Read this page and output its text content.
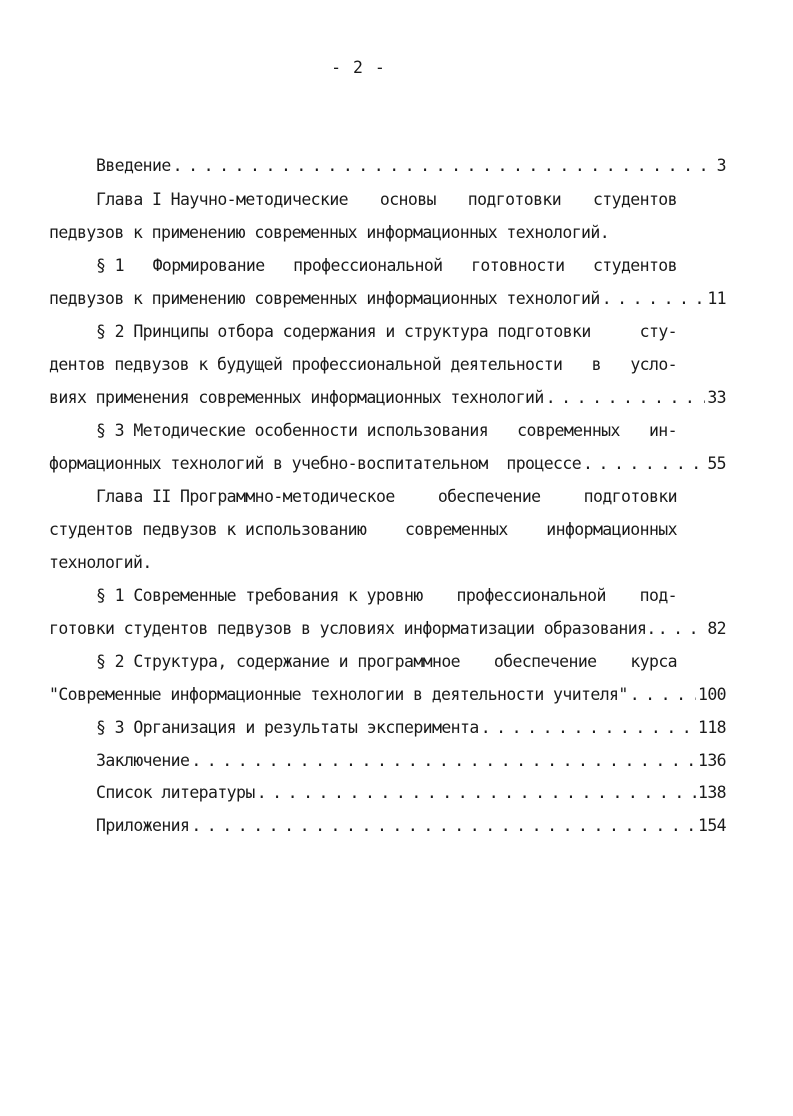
- 2 -
Введение . . .	3
Глава I Научно-методические основы подготовки студентов
педвузов к применению современных информационных технологий.
§ 1 Формирование профессиональной готовности студентов
педвузов к применению современных информационных технологий . . .	11
§ 2 Принципы отбора содержания и структура подготовки	сту-
дентов педвузов к будущей профессиональной деятельности в усло-
виях применения современных информационных технологий . . .	33
§ 3 Методические особенности использования современных ин-
формационных технологий в учебно-воспитательном  процессе . . .	55
Глава II Программно-методическое	обеспечение	подготовки
студентов педвузов к использованию современных информационных
технологий.
§ 1 Современные требования к уровню профессиональной под-
готовки студентов педвузов в условиях информатизации образования. . . .	82
§ 2 Структура, содержание и программное обеспечение курса
"Современные информационные технологии в деятельности учителя" . . .	100
§ 3 Организация и результаты эксперимента . . .	118
Заключение . . .	136
Список литературы . . .	138
Приложения . . .	154
